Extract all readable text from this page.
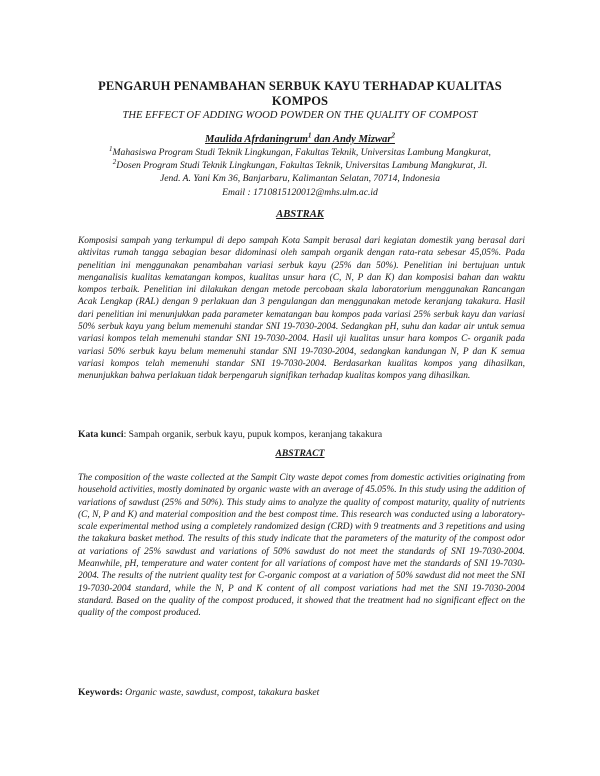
PENGARUH PENAMBAHAN SERBUK KAYU TERHADAP KUALITAS
KOMPOS
THE EFFECT OF ADDING WOOD POWDER ON THE QUALITY OF COMPOST
Maulida Afrdaningrum$^1$ dan Andy Mizwar$^2$

$^1$Mahasiswa Program Studi Teknik Lingkungan, Fakultas Teknik, Universitas Lambung Mangkurat,

$^2$Dosen Program Studi Teknik Lingkungan, Fakultas Teknik, Universitas Lambung Mangkurat, Jl.

Jend. A. Yani Km 36, Banjarbaru, Kalimantan Selatan, 70714, Indonesia

Email : 1710815120012@mhs.ulm.ac.id

ABSTRAK

Komposisi sampah yang terkumpul di depo sampah Kota Sampit berasal dari kegiatan domestik yang berasal dari aktivitas rumah tangga sebagian besar didominasi oleh sampah organik dengan rata-rata sebesar 45,05%. Pada penelitian ini menggunakan penambahan variasi serbuk kayu (25% dan 50%). Penelitian ini bertujuan untuk menganalisis kualitas kematangan kompos, kualitas unsur hara (C, N, P dan K) dan komposisi bahan dan waktu kompos terbaik. Penelitian ini dilakukan dengan metode percobaan skala laboratorium menggunakan Rancangan Acak Lengkap (RAL) dengan 9 perlakuan dan 3 pengulangan dan menggunakan metode keranjang takakura. Hasil dari penelitian ini menunjukkan pada parameter kematangan bau kompos pada variasi 25% serbuk kayu dan variasi 50% serbuk kayu yang belum memenuhi standar SNI 19-7030-2004. Sedangkan pH, suhu dan kadar air untuk semua variasi kompos telah memenuhi standar SNI 19-7030-2004. Hasil uji kualitas unsur hara kompos C- organik pada variasi 50% serbuk kayu belum memenuhi standar SNI 19-7030-2004, sedangkan kandungan N, P dan K semua variasi kompos telah memenuhi standar SNI 19-7030-2004. Berdasarkan kualitas kompos yang dihasilkan, menunjukkan bahwa perlakuan tidak berpengaruh signifikan terhadap kualitas kompos yang dihasilkan.

Kata kunci: Sampah organik, serbuk kayu, pupuk kompos, keranjang takakura
ABSTRACT

The composition of the waste collected at the Sampit City waste depot comes from domestic activities originating from household activities, mostly dominated by organic waste with an average of 45.05%. In this study using the addition of variations of sawdust (25% and 50%). This study aims to analyze the quality of compost maturity, quality of nutrients (C, N, P and K) and material composition and the best compost time. This research was conducted using a laboratory-scale experimental method using a completely randomized design (CRD) with 9 treatments and 3 repetitions and using the takakura basket method. The results of this study indicate that the parameters of the maturity of the compost odor at variations of 25% sawdust and variations of 50% sawdust do not meet the standards of SNI 19-7030-2004. Meanwhile, pH, temperature and water content for all variations of compost have met the standards of SNI 19-7030-2004. The results of the nutrient quality test for C-organic compost at a variation of 50% sawdust did not meet the SNI 19-7030-2004 standard, while the N, P and K content of all compost variations had met the SNI 19-7030-2004 standard. Based on the quality of the compost produced, it showed that the treatment had no significant effect on the quality of the compost produced.

Keywords: Organic waste, sawdust, compost, takakura basket
